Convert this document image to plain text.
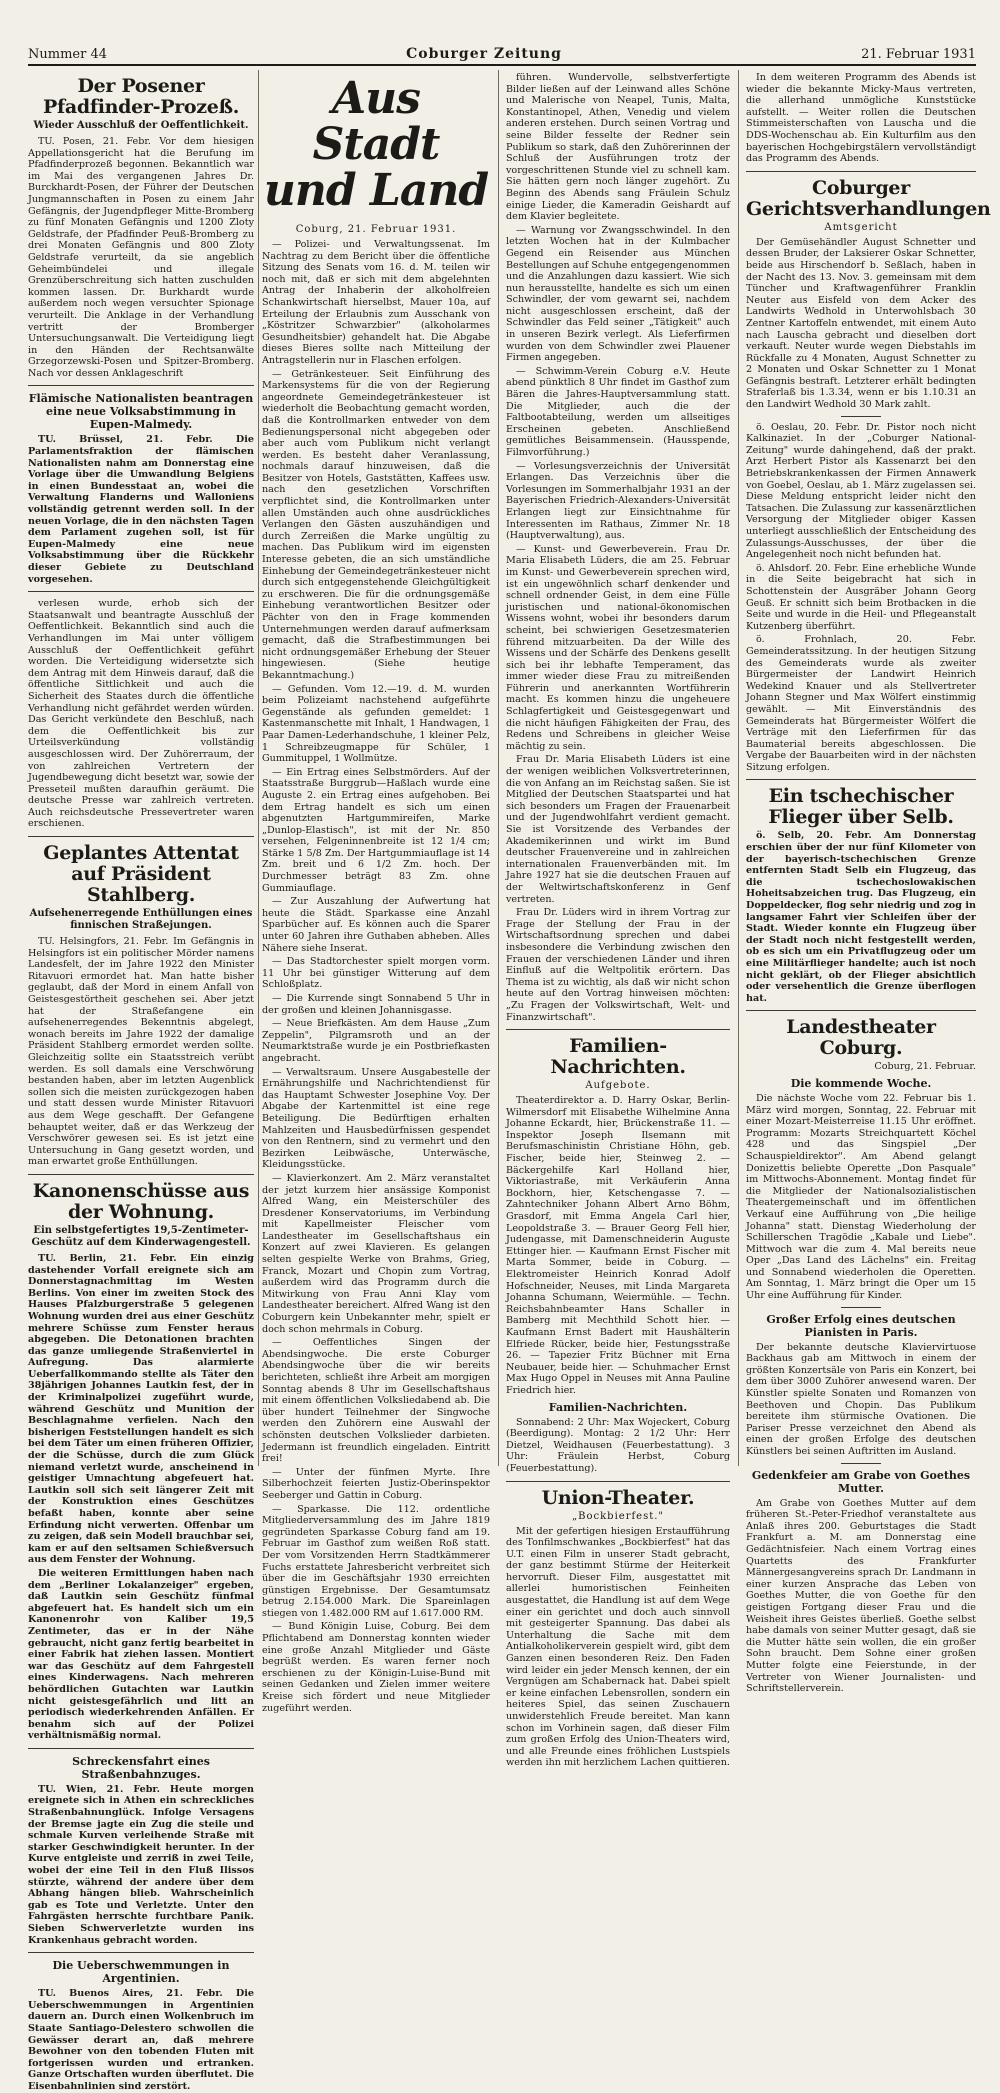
Nummer 44	Coburger Zeitung	21. Februar 1931
Der Posener Pfadfinder-Prozeß.
Wieder Ausschluß der Oeffentlichkeit.

TU. Posen, 21. Febr. Vor dem hiesigen Appellationsgericht hat die Berufung im Pfadfinderprozeß begonnen. Bekanntlich war im Mai des vergangenen Jahres Dr. Burckhardt-Posen, der Führer der Deutschen Jungmannschaften in Posen zu einem Jahr Gefängnis, der Jugendpfleger Mitte-Bromberg zu fünf Monaten Gefängnis und 1200 Zloty Geldstrafe, der Pfadfinder Peuß-Bromberg zu drei Monaten Gefängnis und 800 Zloty Geldstrafe verurteilt, da sie angeblich Geheimbündelei und illegale Grenzüberschreitung sich hatten zuschulden kommen lassen. Dr. Burkhardt wurde außerdem noch wegen versuchter Spionage verurteilt. Die Anklage in der Verhandlung vertritt der Bromberger Untersuchungsanwalt. Die Verteidigung liegt in den Händen der Rechtsanwälte Grzegorzewski-Posen und Spitzer-Bromberg. Nach vor dessen Anklageschrift

Flämische Nationalisten beantragen eine neue Volksabstimmung in Eupen-Malmedy.

TU. Brüssel, 21. Febr. Die Parlamentsfraktion der flämischen Nationalisten nahm am Donnerstag eine Vorlage über die Umwandlung Belgiens in einen Bundesstaat an, wobei die Verwaltung Flanderns und Walloniens vollständig getrennt werden soll. In der neuen Vorlage, die in den nächsten Tagen dem Parlament zugehen soll, ist für Eupen-Malmedy eine neue Volksabstimmung über die Rückkehr dieser Gebiete zu Deutschland vorgesehen.

verlesen wurde, erhob sich der Staatsanwalt und beantragte Ausschluß der Oeffentlichkeit. Bekanntlich sind auch die Verhandlungen im Mai unter völligem Ausschluß der Oeffentlichkeit geführt worden. Die Verteidigung widersetzte sich dem Antrag mit dem Hinweis darauf, daß die öffentliche Sittlichkeit und auch die Sicherheit des Staates durch die öffentliche Verhandlung nicht gefährdet werden würden. Das Gericht verkündete den Beschluß, nach dem die Oeffentlichkeit bis zur Urteilsverkündung vollständig ausgeschlossen wird. Der Zuhörerraum, der von zahlreichen Vertretern der Jugendbewegung dicht besetzt war, sowie der Presseteil mußten daraufhin geräumt. Die deutsche Presse war zahlreich vertreten. Auch reichsdeutsche Pressevertreter waren erschienen.

Geplantes Attentat auf Präsident Stahlberg.
Aufsehenerregende Enthüllungen eines finnischen Straßejungen.

TU. Helsingfors, 21. Febr. Im Gefängnis in Helsingfors ist ein politischer Mörder namens Landesfelt, der im Jahre 1922 den Minister Ritavuori ermordet hat. Man hatte bisher geglaubt, daß der Mord in einem Anfall von Geistesgestörtheit geschehen sei. Aber jetzt hat der Straßefangene ein aufsehenerregendes Bekenntnis abgelegt, wonach bereits im Jahre 1922 der damalige Präsident Stahlberg ermordet werden sollte. Gleichzeitig sollte ein Staatsstreich verübt werden. Es soll damals eine Verschwörung bestanden haben, aber im letzten Augenblick sollen sich die meisten zurückgezogen haben und statt dessen wurde Minister Ritavuori aus dem Wege geschafft. Der Gefangene behauptet weiter, daß er das Werkzeug der Verschwörer gewesen sei. Es ist jetzt eine Untersuchung in Gang gesetzt worden, und man erwartet große Enthüllungen.

Kanonenschüsse aus der Wohnung.
Ein selbstgefertigtes 19,5-Zentimeter-Geschütz auf dem Kinderwagengestell.

TU. Berlin, 21. Febr. Ein einzig dastehender Vorfall ereignete sich am Donnerstagnachmittag im Westen Berlins. Von einer im zweiten Stock des Hauses Pfalzburgerstraße 5 gelegenen Wohnung wurden drei aus einer Geschütz mehrere Schüsse zum Fenster heraus abgegeben. Die Detonationen brachten das ganze umliegende Straßenviertel in Aufregung. Das alarmierte Ueberfallkommando stellte als Täter den 38jährigen Johannes Lautkin fest, der in der Kriminalpolizei zugeführt wurde, während Geschütz und Munition der Beschlagnahme verfielen. Nach den bisherigen Feststellungen handelt es sich bei dem Täter um einen früheren Offizier, der die Schüsse, durch die zum Glück niemand verletzt wurde, anscheinend in geistiger Umnachtung abgefeuert hat. Lautkin soll sich seit längerer Zeit mit der Konstruktion eines Geschützes befaßt haben, konnte aber seine Erfindung nicht verwerten. Offenbar um zu zeigen, daß sein Modell brauchbar sei, kam er auf den seltsamen Schießversuch aus dem Fenster der Wohnung.

Die weiteren Ermittlungen haben nach dem „Berliner Lokalanzeiger" ergeben, daß Lautkin sein Geschütz fünfmal abgefeuert hat. Es handelt sich um ein Kanonenrohr von Kaliber 19,5 Zentimeter, das er in der Nähe gebraucht, nicht ganz fertig bearbeitet in einer Fabrik hat ziehen lassen. Montiert war das Geschütz auf dem Fahrgestell eines Kinderwagens. Nach mehreren behördlichen Gutachten war Lautkin nicht geistesgefährlich und litt an periodisch wiederkehrenden Anfällen. Er benahm sich auf der Polizei verhältnismäßig normal.

Schreckensfahrt eines Straßenbahnzuges.

TU. Wien, 21. Febr. Heute morgen ereignete sich in Athen ein schreckliches Straßenbahnunglück. Infolge Versagens der Bremse jagte ein Zug die steile und schmale Kurven verleihende Straße mit starker Geschwindigkeit herunter. In der Kurve entgleiste und zerriß in zwei Teile, wobei der eine Teil in den Fluß Ilissos stürzte, während der andere über dem Abhang hängen blieb. Wahrscheinlich gab es Tote und Verletzte. Unter den Fahrgästen herrschte furchtbare Panik. Sieben Schwerverletzte wurden ins Krankenhaus gebracht worden.

Die Ueberschwemmungen in Argentinien.

TU. Buenos Aires, 21. Febr. Die Ueberschwemmungen in Argentinien dauern an. Durch einen Wolkenbruch im Staate Santiago-Delestero schwollen die Gewässer derart an, daß mehrere Bewohner von den tobenden Fluten mit fortgerissen wurden und ertranken. Ganze Ortschaften wurden überflutet. Die Eisenbahnlinien sind zerstört.

Aus Stadt und Land
Coburg, 21. Februar 1931.

— Polizei- und Verwaltungssenat. Im Nachtrag zu dem Bericht über die öffentliche Sitzung des Senats vom 16. d. M. teilen wir noch mit, daß er sich mit dem abgelehnten Antrag der Inhaberin der alkoholfreien Schankwirtschaft hierselbst, Mauer 10a, auf Erteilung der Erlaubnis zum Ausschank von „Köstritzer Schwarzbier" (alkoholarmes Gesundheitsbier) gehandelt hat. Die Abgabe dieses Bieres sollte nach Mitteilung der Antragstellerin nur in Flaschen erfolgen.

— Getränkesteuer. Seit Einführung des Markensystems für die von der Regierung angeordnete Gemeindegetränkesteuer ist wiederholt die Beobachtung gemacht worden, daß die Kontrollmarken entweder von dem Bedienungspersonal nicht abgegeben oder aber auch vom Publikum nicht verlangt werden. Es besteht daher Veranlassung, nochmals darauf hinzuweisen, daß die Besitzer von Hotels, Gaststätten, Kaffees usw. nach den gesetzlichen Vorschriften verpflichtet sind, die Kontrollmarken unter allen Umständen auch ohne ausdrückliches Verlangen den Gästen auszuhändigen und durch Zerreißen die Marke ungültig zu machen. Das Publikum wird im eigensten Interesse gebeten, die an sich umständliche Einhebung der Gemeindegetränkesteuer nicht durch sich entgegenstehende Gleichgültigkeit zu erschweren. Die für die ordnungsgemäße Einhebung verantwortlichen Besitzer oder Pächter von den in Frage kommenden Unternehmungen werden darauf aufmerksam gemacht, daß die Strafbestimmungen bei nicht ordnungsgemäßer Erhebung der Steuer hingewiesen. (Siehe heutige Bekanntmachung.)

— Gefunden. Vom 12.—19. d. M. wurden beim Polizeiamt nachstehend aufgeführte Gegenstände als gefunden gemeldet: 1 Kastenmanschette mit Inhalt, 1 Handwagen, 1 Paar Damen-Lederhandschuhe, 1 kleiner Pelz, 1 Schreibzeugmappe für Schüler, 1 Gummituppel, 1 Wollmütze.

— Ein Ertrag eines Selbstmörders. Auf der Staatsstraße Burggrub—Haßlach wurde eine Auguste 2. ein Ertrag eines aufgehoben. Bei dem Ertrag handelt es sich um einen abgenutzten Hartgummireifen, Marke „Dunlop-Elastisch", ist mit der Nr. 850 versehen, Felgeninnenbreite ist 12 1/4 cm; Stärke 1 5/8 Zm. Der Hartgummiauflage ist 14 Zm. breit und 6 1/2 Zm. hoch. Der Durchmesser beträgt 83 Zm. ohne Gummiauflage.

— Zur Auszahlung der Aufwertung hat heute die Städt. Sparkasse eine Anzahl Sparbücher auf. Es können auch die Sparer unter 60 Jahren ihre Guthaben abheben. Alles Nähere siehe Inserat.

— Das Stadtorchester spielt morgen vorm. 11 Uhr bei günstiger Witterung auf dem Schloßplatz.

— Die Kurrende singt Sonnabend 5 Uhr in der großen und kleinen Johannisgasse.

— Neue Briefkästen. Am dem Hause „Zum Zeppelin", Pilgramsroth und an der Neumarktstraße wurde je ein Postbriefkasten angebracht.

— Verwaltsraum. Unsere Ausgabestelle der Ernährungshilfe und Nachrichtendienst für das Hauptamt Schwester Josephine Voy. Der Abgabe der Kartenmittel ist eine rege Beteiligung. Die Bedürftigen erhalten Mahlzeiten und Hausbedürfnissen gespendet von den Rentnern, sind zu vermehrt und den Bezirken Leibwäsche, Unterwäsche, Kleidungsstücke.

— Klavierkonzert. Am 2. März veranstaltet der jetzt kurzem hier ansässige Komponist Alfred Wang, ein Meisterschüler des Dresdener Konservatoriums, im Verbindung mit Kapellmeister Fleischer vom Landestheater im Gesellschaftshaus ein Konzert auf zwei Klavieren. Es gelangen selten gespielte Werke von Brahms, Grieg, Franck, Mozart und Chopin zum Vortrag, außerdem wird das Programm durch die Mitwirkung von Frau Anni Klay vom Landestheater bereichert. Alfred Wang ist den Coburgern kein Unbekannter mehr, spielt er doch schon mehrmals in Coburg.

— Oeffentliches Singen der Abendsingwoche. Die erste Coburger Abendsingwoche über die wir bereits berichteten, schließt ihre Arbeit am morgigen Sonntag abends 8 Uhr im Gesellschaftshaus mit einem öffentlichen Volksliedabend ab. Die über hundert Teilnehmer der Singwoche werden den Zuhörern eine Auswahl der schönsten deutschen Volkslieder darbieten. Jedermann ist freundlich eingeladen. Eintritt frei!

— Unter der fünfmen Myrte. Ihre Silberhochzeit feierten Justiz-Oberinspektor Seeberger und Gattin in Coburg.

— Sparkasse. Die 112. ordentliche Mitgliederversammlung des im Jahre 1819 gegründeten Sparkasse Coburg fand am 19. Februar im Gasthof zum weißen Roß statt. Der vom Vorsitzenden Herrn Stadtkämmerer Fuchs erstattete Jahresbericht verbreitet sich über die im Geschäftsjahr 1930 erreichten günstigen Ergebnisse. Der Gesamtumsatz betrug 2.154.000 Mark. Die Spareinlagen stiegen von 1.482.000 RM auf 1.617.000 RM.

— Bund Königin Luise, Coburg. Bei dem Pflichtabend am Donnerstag konnten wieder eine große Anzahl Mitglieder und Gäste begrüßt werden. Es waren ferner noch erschienen zu der Königin-Luise-Bund mit seinen Gedanken und Zielen immer weitere Kreise sich fördert und neue Mitglieder zugeführt werden.

führen. Wundervolle, selbstverfertigte Bilder ließen auf der Leinwand alles Schöne und Malerische von Neapel, Tunis, Malta, Konstantinopel, Athen, Venedig und vielem anderen erstehen. Durch seinen Vortrag und seine Bilder fesselte der Redner sein Publikum so stark, daß den Zuhörerinnen der Schluß der Ausführungen trotz der vorgeschrittenen Stunde viel zu schnell kam. Sie hätten gern noch länger zugehört. Zu Beginn des Abends sang Fräulein Schulz einige Lieder, die Kameradin Geishardt auf dem Klavier begleitete.

— Warnung vor Zwangsschwindel. In den letzten Wochen hat in der Kulmbacher Gegend ein Reisender aus München Bestellungen auf Schuhe entgegengenommen und die Anzahlungen dazu kassiert. Wie sich nun herausstellte, handelte es sich um einen Schwindler, der vom gewarnt sei, nachdem nicht ausgeschlossen erscheint, daß der Schwindler das Feld seiner „Tätigkeit" auch in unseren Bezirk verlegt. Als Lieferfirmen wurden von dem Schwindler zwei Plauener Firmen angegeben.

— Schwimm-Verein Coburg e.V. Heute abend pünktlich 8 Uhr findet im Gasthof zum Bären die Jahres-Hauptversammlung statt. Die Mitglieder, auch die der Faltbootabteilung, werden um allseitiges Erscheinen gebeten. Anschließend gemütliches Beisammensein. (Hausspende, Filmvorführung.)

— Vorlesungsverzeichnis der Universität Erlangen. Das Verzeichnis über die Vorlesungen im Sommerhalbjahr 1931 an der Bayerischen Friedrich-Alexanders-Universität Erlangen liegt zur Einsichtnahme für Interessenten im Rathaus, Zimmer Nr. 18 (Hauptverwaltung), aus.

— Kunst- und Gewerbeverein. Frau Dr. Maria Elisabeth Lüders, die am 25. Februar im Kunst- und Gewerbeverein sprechen wird, ist ein ungewöhnlich scharf denkender und schnell ordnender Geist, in dem eine Fülle juristischen und national-ökonomischen Wissens wohnt, wobei ihr besonders darum scheint, bei schwierigen Gesetzesmaterien führend mitzuarbeiten. Da der Wille des Wissens und der Schärfe des Denkens gesellt sich bei ihr lebhafte Temperament, das immer wieder diese Frau zu mitreißenden Führerin und anerkannten Wortführerin macht. Es kommen hinzu die ungeheuere Schlagfertigkeit und Geistesgegenwart und die nicht häufigen Fähigkeiten der Frau, des Redens und Schreibens in gleicher Weise mächtig zu sein.

Frau Dr. Maria Elisabeth Lüders ist eine der wenigen weiblichen Volksvertreterinnen, die von Anfang an im Reichstag saßen. Sie ist Mitglied der Deutschen Staatspartei und hat sich besonders um Fragen der Frauenarbeit und der Jugendwohlfahrt verdient gemacht. Sie ist Vorsitzende des Verbandes der Akademikerinnen und wirkt im Bund deutscher Frauenvereine und in zahlreichen internationalen Frauenverbänden mit. Im Jahre 1927 hat sie die deutschen Frauen auf der Weltwirtschaftskonferenz in Genf vertreten.

Frau Dr. Lüders wird in ihrem Vortrag zur Frage der Stellung der Frau in der Wirtschaftsordnung sprechen und dabei insbesondere die Verbindung zwischen den Frauen der verschiedenen Länder und ihren Einfluß auf die Weltpolitik erörtern. Das Thema ist zu wichtig, als daß wir nicht schon heute auf den Vortrag hinweisen möchten: „Zu Fragen der Volkswirtschaft, Welt- und Finanzwirtschaft".

Familien-Nachrichten.
Aufgebote.

Theaterdirektor a. D. Harry Oskar, Berlin-Wilmersdorf mit Elisabethe Wilhelmine Anna Johanne Eckardt, hier, Brückenstraße 11. — Inspektor Joseph Ilsemann mit Berufsmaschinistin Christiane Höhn, geb. Fischer, beide hier, Steinweg 2. — Bäckergehilfe Karl Holland hier, Viktoriastraße, mit Verkäuferin Anna Bockhorn, hier, Ketschengasse 7. — Zahntechniker Johann Albert Arno Böhm, Grasdorf, mit Emma Angela Carl hier, Leopoldstraße 3. — Brauer Georg Fell hier, Judengasse, mit Damenschneiderin Auguste Ettinger hier. — Kaufmann Ernst Fischer mit Marta Sommer, beide in Coburg. — Elektromeister Heinrich Konrad Adolf Hofschneider, Neuses, mit Linda Margareta Johanna Schumann, Weiermühle. — Techn. Reichsbahnbeamter Hans Schaller in Bamberg mit Mechthild Schott hier. — Kaufmann Ernst Badert mit Haushälterin Elfriede Rücker, beide hier, Festungsstraße 26. — Tapezier Fritz Büchner mit Erna Neubauer, beide hier. — Schuhmacher Ernst Max Hugo Oppel in Neuses mit Anna Pauline Friedrich hier.

Familien-Nachrichten.

Sonnabend: 2 Uhr: Max Wojeckert, Coburg (Beerdigung). Montag: 2 1/2 Uhr: Herr Dietzel, Weidhausen (Feuerbestattung). 3 Uhr: Fräulein Herbst, Coburg (Feuerbestattung).

Union-Theater.
„Bockbierfest."

Mit der gefertigen hiesigen Erstaufführung des Tonfilmschwankes „Bockbierfest" hat das U.T. einen Film in unserer Stadt gebracht, der ganz bestimmt Stürme der Heiterkeit hervorruft. Dieser Film, ausgestattet mit allerlei humoristischen Feinheiten ausgestattet, die Handlung ist auf dem Wege einer ein gerichtet und doch auch sinnvoll mit gesteigerter Spannung. Das dabei als Unterhaltung die Sache mit dem Antialkoholikerverein gespielt wird, gibt dem Ganzen einen besonderen Reiz. Den Faden wird leider ein jeder Mensch kennen, der ein Vergnügen am Schabernack hat. Dabei spielt er keine einfachen Lebensrollen, sondern ein heiteres Spiel, das seinen Zuschauern unwiderstehlich Freude bereitet. Man kann schon im Vorhinein sagen, daß dieser Film zum großen Erfolg des Union-Theaters wird, und alle Freunde eines fröhlichen Lustspiels werden ihn mit herzlichem Lachen quittieren.

In dem weiteren Programm des Abends ist wieder die bekannte Micky-Maus vertreten, die allerhand unmögliche Kunststücke aufstellt. — Weiter rollen die Deutschen Stimmeisterschaften von Lauscha und die DDS-Wochenschau ab. Ein Kulturfilm aus den bayerischen Hochgebirgstälern vervollständigt das Programm des Abends.

Coburger Gerichtsverhandlungen
Amtsgericht

Der Gemüsehändler August Schnetter und dessen Bruder, der Laksierer Oskar Schnetter, beide aus Hirschendorf b. Seßlach, haben in der Nacht des 13. Nov. 3. gemeinsam mit dem Tüncher und Kraftwagenführer Franklin Neuter aus Eisfeld von dem Acker des Landwirts Wedhold in Unterwohlsbach 30 Zentner Kartoffeln entwendet, mit einem Auto nach Lauscha gebracht und dieselben dort verkauft. Neuter wurde wegen Diebstahls im Rückfalle zu 4 Monaten, August Schnetter zu 2 Monaten und Oskar Schnetter zu 1 Monat Gefängnis bestraft. Letzterer erhält bedingten Straferlaß bis 1.3.34, wenn er bis 1.10.31 an den Landwirt Wedhold 30 Mark zahlt.

ö. Oeslau, 20. Febr. Dr. Pistor noch nicht Kalkinaziet. In der „Coburger National-Zeitung" wurde dahingehend, daß der prakt. Arzt Herbert Pistor als Kassenarzt bei den Betriebskrankenkassen der Firmen Annawerk von Goebel, Oeslau, ab 1. März zugelassen sei. Diese Meldung entspricht leider nicht den Tatsachen. Die Zulassung zur kassenärztlichen Versorgung der Mitglieder obiger Kassen unterliegt ausschließlich der Entscheidung des Zulassungs-Ausschusses, der über die Angelegenheit noch nicht befunden hat.

ö. Ahlsdorf. 20. Febr. Eine erhebliche Wunde in die Seite beigebracht hat sich in Schottenstein der Ausgräber Johann Georg Geuß. Er schnitt sich beim Brotbacken in die Seite und wurde in die Heil- und Pflegeanstalt Kutzenberg überführt.

ö. Frohnlach, 20. Febr. Gemeinderatssitzung. In der heutigen Sitzung des Gemeinderats wurde als zweiter Bürgermeister der Landwirt Heinrich Wedekind Knauer und als Stellvertreter Johann Stegner und Max Wölfert einstimmig gewählt. — Mit Einverständnis des Gemeinderats hat Bürgermeister Wölfert die Verträge mit den Lieferfirmen für das Baumaterial bereits abgeschlossen. Die Vergabe der Bauarbeiten wird in der nächsten Sitzung erfolgen.

Ein tschechischer Flieger über Selb.

ö. Selb, 20. Febr. Am Donnerstag erschien über der nur fünf Kilometer von der bayerisch-tschechischen Grenze entfernten Stadt Selb ein Flugzeug, das die tschechoslowakischen Hoheitsabzeichen trug. Das Flugzeug, ein Doppeldecker, flog sehr niedrig und zog in langsamer Fahrt vier Schleifen über der Stadt. Wieder konnte ein Flugzeug über der Stadt noch nicht festgestellt werden, ob es sich um ein Privatflugzeug oder um eine Militärflieger handelte; auch ist noch nicht geklärt, ob der Flieger absichtlich oder versehentlich die Grenze überflogen hat.

Landestheater Coburg.
Coburg, 21. Februar.
Die kommende Woche.

Die nächste Woche vom 22. Februar bis 1. März wird morgen, Sonntag, 22. Februar mit einer Mozart-Meisterreise 11.15 Uhr eröffnet. Programm: Mozarts Streichquartett Köchel 428 und das Singspiel „Der Schauspieldirektor". Am Abend gelangt Donizettis beliebte Operette „Don Pasquale" im Mittwochs-Abonnement. Montag findet für die Mitglieder der Nationalsozialistischen Theatergemeinschaft und im öffentlichen Verkauf eine Aufführung von „Die heilige Johanna" statt. Dienstag Wiederholung der Schillerschen Tragödie „Kabale und Liebe". Mittwoch war die zum 4. Mal bereits neue Oper „Das Land des Lächelns" ein. Freitag und Sonnabend wiederholen die Operetten. Am Sonntag, 1. März bringt die Oper um 15 Uhr eine Aufführung für Kinder.

Großer Erfolg eines deutschen Pianisten in Paris.

Der bekannte deutsche Klaviervirtuose Backhaus gab am Mittwoch in einem der größten Konzertsäle von Paris ein Konzert, bei dem über 3000 Zuhörer anwesend waren. Der Künstler spielte Sonaten und Romanzen von Beethoven und Chopin. Das Publikum bereitete ihm stürmische Ovationen. Die Pariser Presse verzeichnet den Abend als einen der großen Erfolge des deutschen Künstlers bei seinen Auftritten im Ausland.

Gedenkfeier am Grabe von Goethes Mutter.

Am Grabe von Goethes Mutter auf dem früheren St.-Peter-Friedhof veranstaltete aus Anlaß ihres 200. Geburtstages die Stadt Frankfurt a. M. am Donnerstag eine Gedächtnisfeier. Nach einem Vortrag eines Quartetts des Frankfurter Männergesangvereins sprach Dr. Landmann in einer kurzen Ansprache das Leben von Goethes Mutter, die von Goethe für den geistigen Fortgang dieser Frau und die Weisheit ihres Geistes überließ. Goethe selbst habe damals von seiner Mutter gesagt, daß sie die Mutter hätte sein wollen, die ein großer Sohn braucht. Dem Sohne einer großen Mutter folgte eine Feierstunde, in der Vertreter von Wiener Journalisten- und Schriftstellerverein.
